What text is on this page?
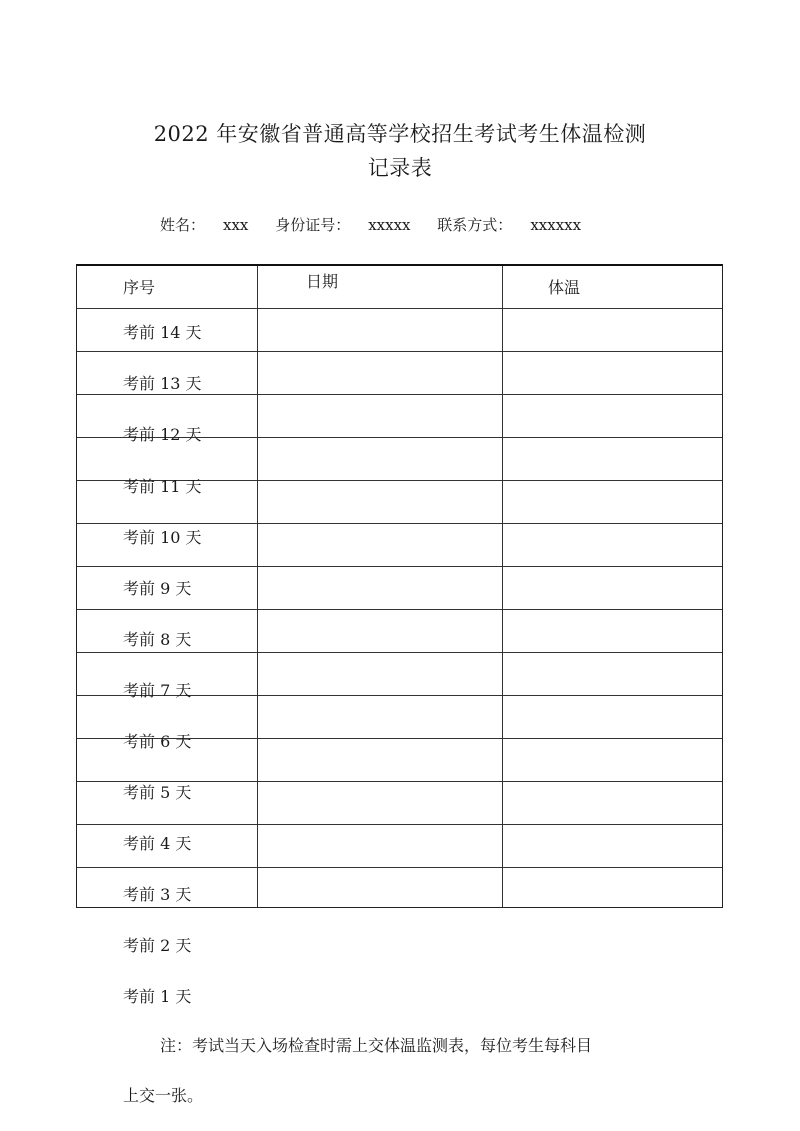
2022 年安徽省普通高等学校招生考试考生体温检测
记录表
姓名： xxx 身份证号： xxxxx 联系方式： xxxxxx
序号	日期	体温
考前 14 天
考前 13 天
考前 12 天
考前 11 天
考前 10 天
考前 9 天
考前 8 天
考前 7 天
考前 6 天
考前 5 天
考前 4 天
考前 3 天
考前 2 天
考前 1 天
注：考试当天入场检查时需上交体温监测表，每位考生每科目
上交一张。
